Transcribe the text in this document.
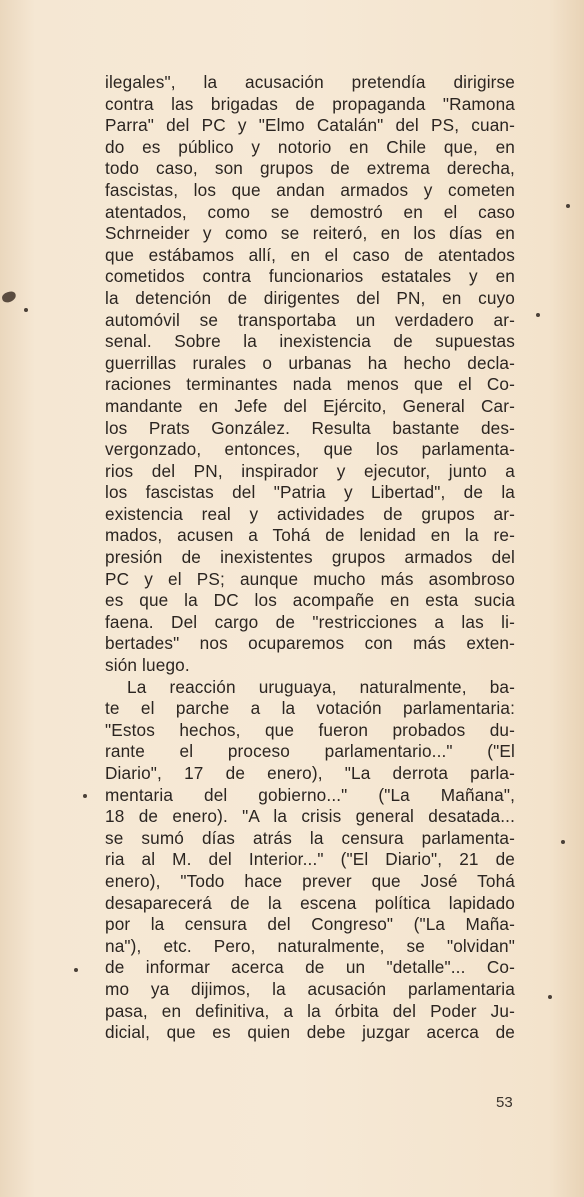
ilegales", la acusación pretendía dirigirse
contra las brigadas de propaganda "Ramona
Parra" del PC y "Elmo Catalán" del PS, cuan-
do es público y notorio en Chile que, en
todo caso, son grupos de extrema derecha,
fascistas, los que andan armados y cometen
atentados, como se demostró en el caso
Schrneider y como se reiteró, en los días en
que estábamos allí, en el caso de atentados
cometidos contra funcionarios estatales y en
la detención de dirigentes del PN, en cuyo
automóvil se transportaba un verdadero ar-
senal. Sobre la inexistencia de supuestas
guerrillas rurales o urbanas ha hecho decla-
raciones terminantes nada menos que el Co-
mandante en Jefe del Ejército, General Car-
los Prats González. Resulta bastante des-
vergonzado, entonces, que los parlamenta-
rios del PN, inspirador y ejecutor, junto a
los fascistas del "Patria y Libertad", de la
existencia real y actividades de grupos ar-
mados, acusen a Tohá de lenidad en la re-
presión de inexistentes grupos armados del
PC y el PS; aunque mucho más asombroso
es que la DC los acompañe en esta sucia
faena. Del cargo de "restricciones a las li-
bertades" nos ocuparemos con más exten-
sión luego.
La reacción uruguaya, naturalmente, ba-
te el parche a la votación parlamentaria:
"Estos hechos, que fueron probados du-
rante el proceso parlamentario..." ("El
Diario", 17 de enero), "La derrota parla-
mentaria del gobierno..." ("La Mañana",
18 de enero). "A la crisis general desatada...
se sumó días atrás la censura parlamenta-
ria al M. del Interior..." ("El Diario", 21 de
enero), "Todo hace prever que José Tohá
desaparecerá de la escena política lapidado
por la censura del Congreso" ("La Maña-
na"), etc. Pero, naturalmente, se "olvidan"
de informar acerca de un "detalle"... Co-
mo ya dijimos, la acusación parlamentaria
pasa, en definitiva, a la órbita del Poder Ju-
dicial, que es quien debe juzgar acerca de
53
